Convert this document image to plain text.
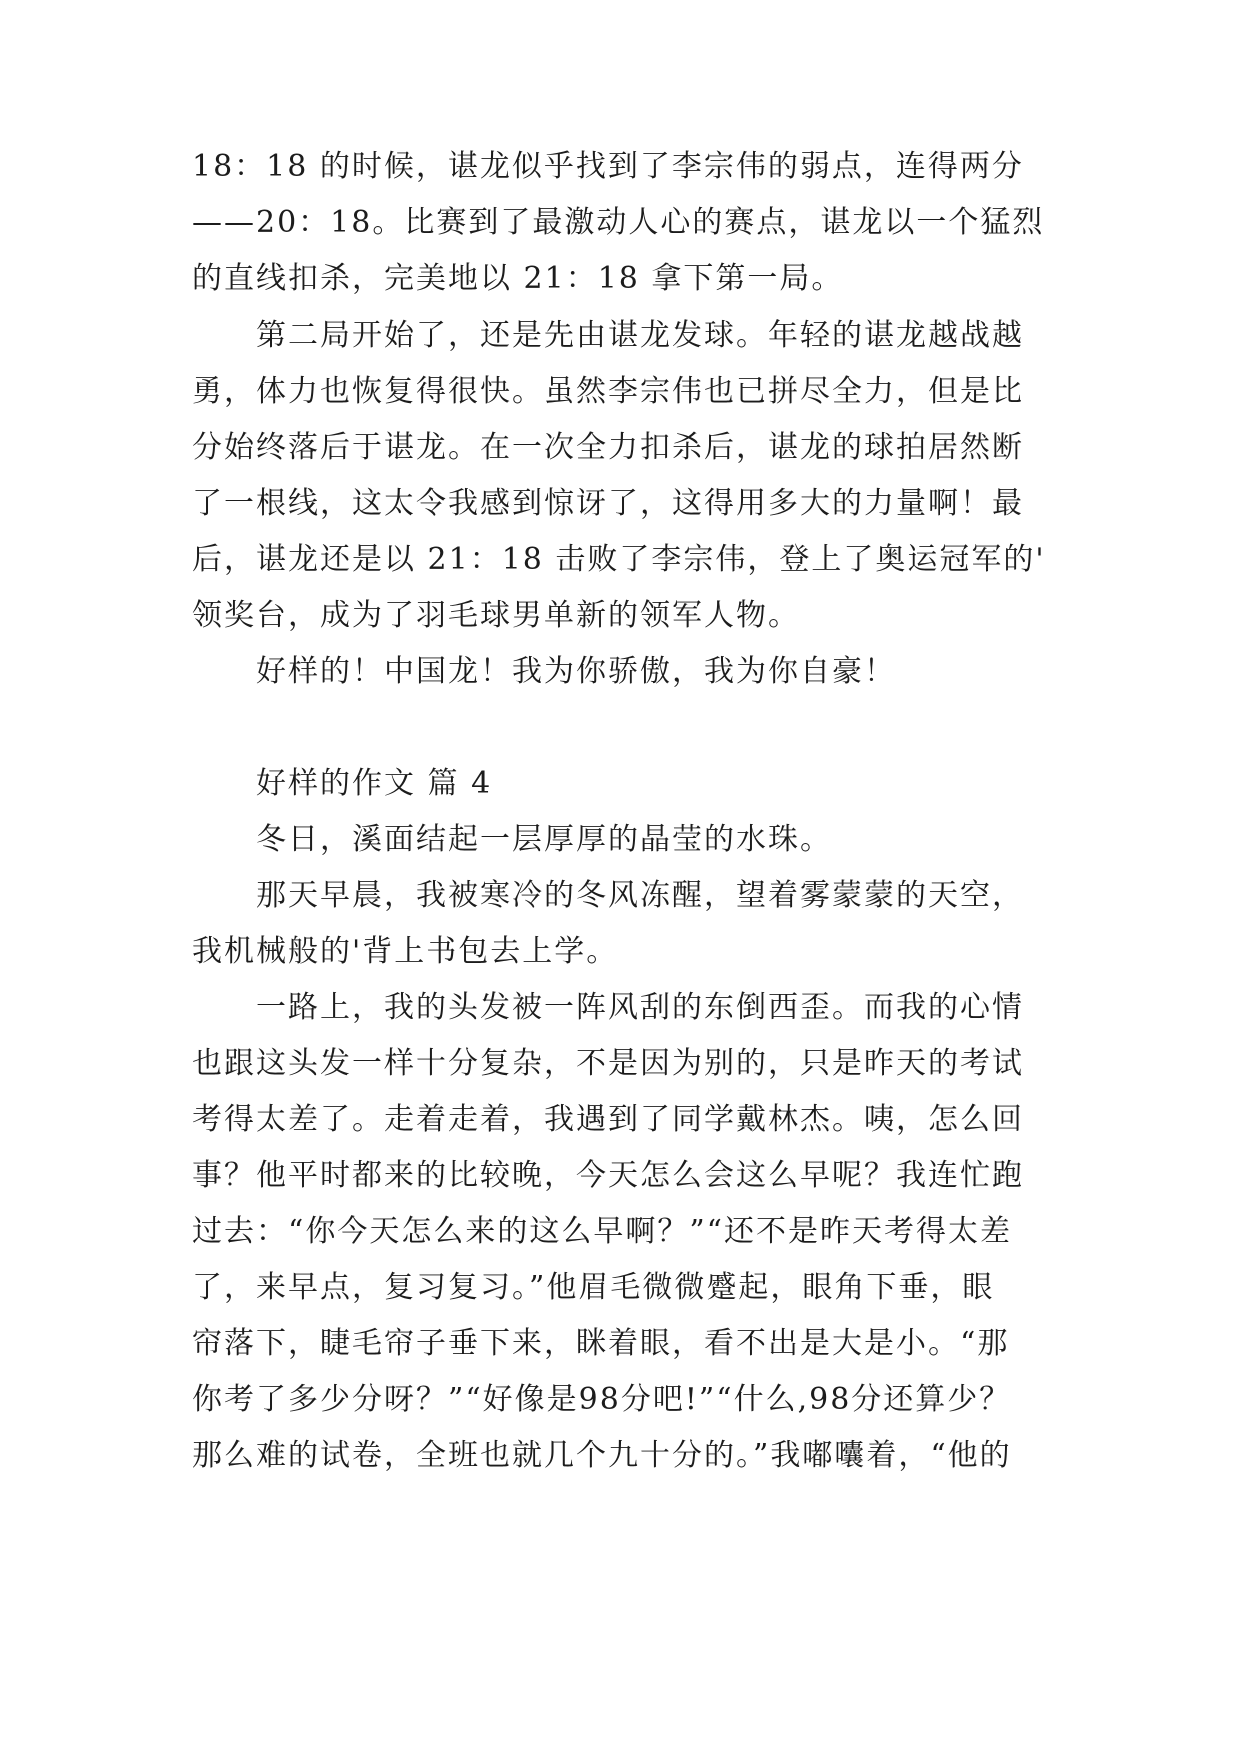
18：18 的时候，谌龙似乎找到了李宗伟的弱点，连得两分
——20：18。比赛到了最激动人心的赛点，谌龙以一个猛烈
的直线扣杀，完美地以 21：18 拿下第一局。
第二局开始了，还是先由谌龙发球。年轻的谌龙越战越
勇，体力也恢复得很快。虽然李宗伟也已拼尽全力，但是比
分始终落后于谌龙。在一次全力扣杀后，谌龙的球拍居然断
了一根线，这太令我感到惊讶了，这得用多大的力量啊！最
后，谌龙还是以 21：18 击败了李宗伟，登上了奥运冠军的'
领奖台，成为了羽毛球男单新的领军人物。
好样的！中国龙！我为你骄傲，我为你自豪！
好样的作文 篇 4
冬日，溪面结起一层厚厚的晶莹的水珠。
那天早晨，我被寒冷的冬风冻醒，望着雾蒙蒙的天空，
我机械般的'背上书包去上学。
一路上，我的头发被一阵风刮的东倒西歪。而我的心情
也跟这头发一样十分复杂，不是因为别的，只是昨天的考试
考得太差了。走着走着，我遇到了同学戴林杰。咦，怎么回
事？他平时都来的比较晚，今天怎么会这么早呢？我连忙跑
过去：“你今天怎么来的这么早啊？”“还不是昨天考得太差
了，来早点，复习复习。”他眉毛微微蹙起，眼角下垂，眼
帘落下，睫毛帘子垂下来，眯着眼，看不出是大是小。“那
你考了多少分呀？”“好像是98分吧!”“什么,98分还算少？
那么难的试卷，全班也就几个九十分的。”我嘟囔着，“他的
